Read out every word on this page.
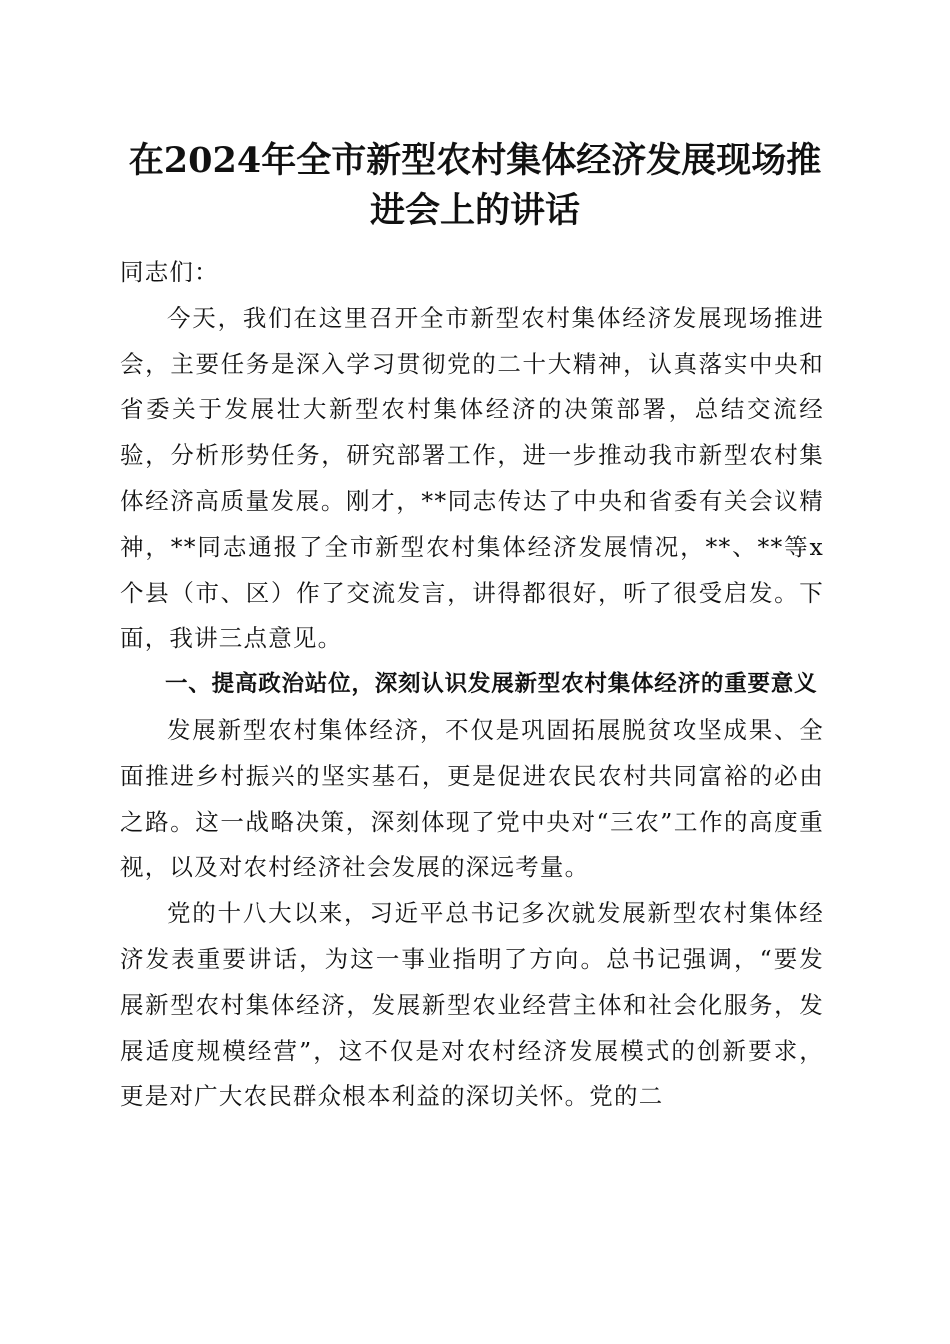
在2024年全市新型农村集体经济发展现场推
进会上的讲话

同志们：

今天，我们在这里召开全市新型农村集体经济发展现场推进会，主要任务是深入学习贯彻党的二十大精神，认真落实中央和省委关于发展壮大新型农村集体经济的决策部署，总结交流经验，分析形势任务，研究部署工作，进一步推动我市新型农村集体经济高质量发展。刚才，**同志传达了中央和省委有关会议精神，**同志通报了全市新型农村集体经济发展情况，**、**等x个县（市、区）作了交流发言，讲得都很好，听了很受启发。下面，我讲三点意见。

一、提高政治站位，深刻认识发展新型农村集体经济的重要意义

发展新型农村集体经济，不仅是巩固拓展脱贫攻坚成果、全面推进乡村振兴的坚实基石，更是促进农民农村共同富裕的必由之路。这一战略决策，深刻体现了党中央对“三农”工作的高度重视，以及对农村经济社会发展的深远考量。

党的十八大以来，习近平总书记多次就发展新型农村集体经济发表重要讲话，为这一事业指明了方向。总书记强调，“要发展新型农村集体经济，发展新型农业经营主体和社会化服务，发展适度规模经营”，这不仅是对农村经济发展模式的创新要求，更是对广大农民群众根本利益的深切关怀。党的二
